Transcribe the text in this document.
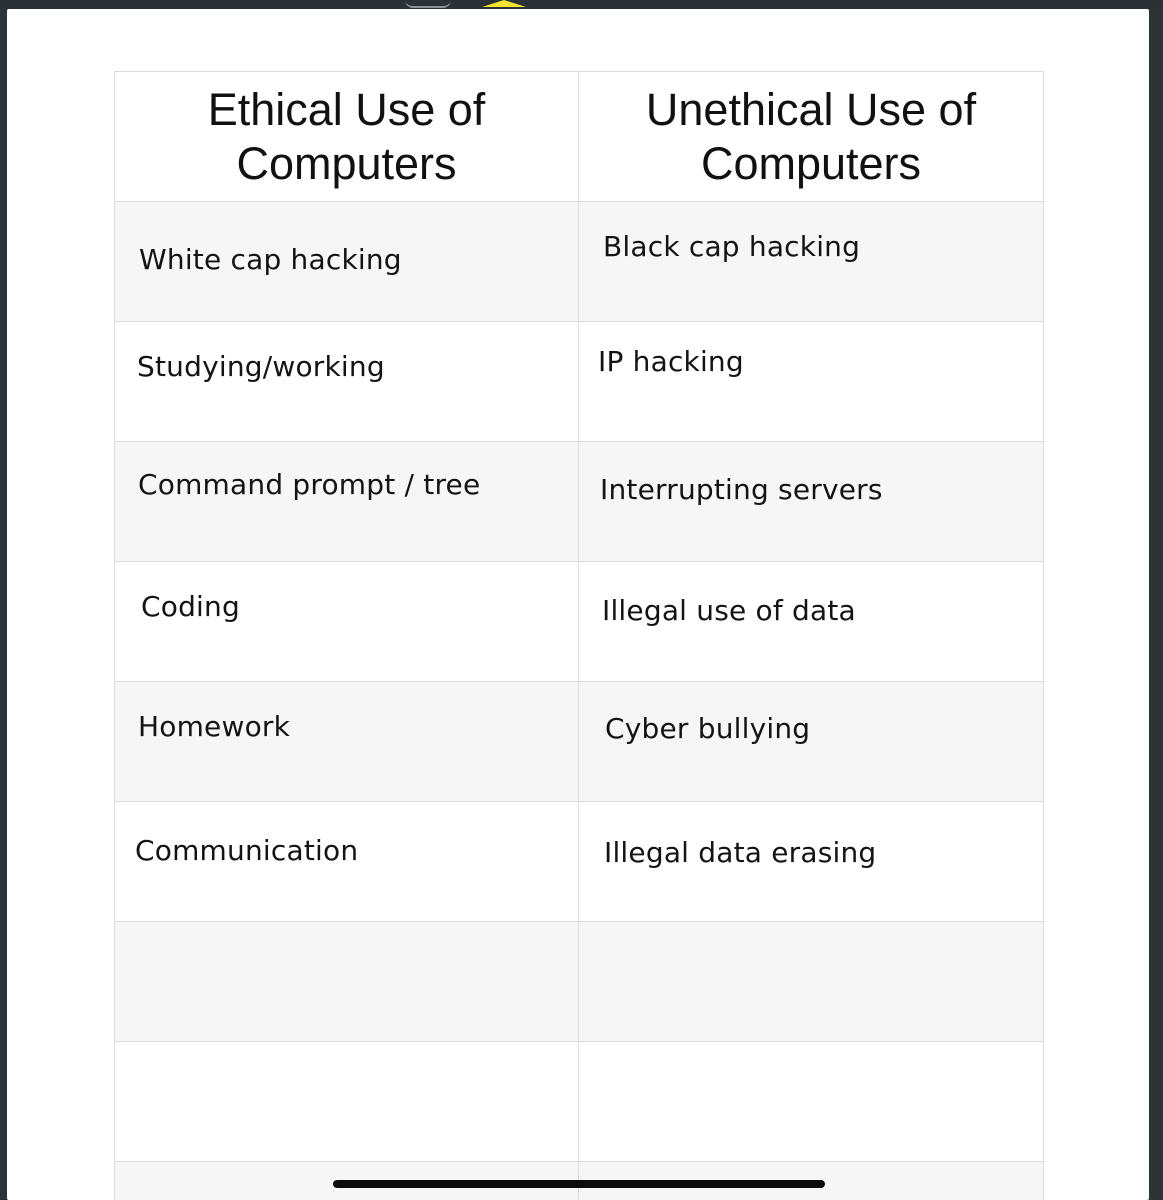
Ethical Use of Computers	Unethical Use of Computers
White cap hacking	Black cap hacking
Studying/working	IP hacking
Command prompt / tree	Interrupting servers
Coding	Illegal use of data
Homework	Cyber bullying
Communication	Illegal data erasing
